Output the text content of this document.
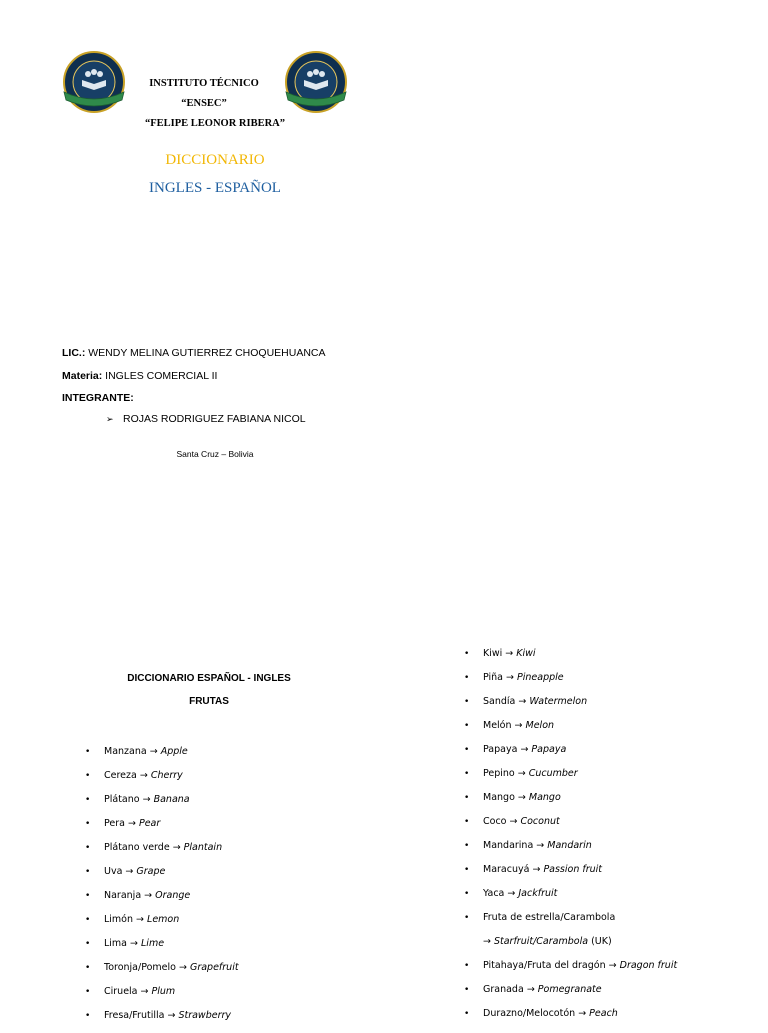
INSTITUTO TÉCNICO
“ENSEC”
“FELIPE LEONOR RIBERA”
DICCIONARIO
INGLES - ESPAÑOL
LIC.: WENDY MELINA GUTIERREZ CHOQUEHUANCA
Materia: INGLES COMERCIAL II
INTEGRANTE:
➢ ROJAS RODRIGUEZ FABIANA NICOL
Santa Cruz – Bolivia
DICCIONARIO ESPAÑOL - INGLES
FRUTAS
• Manzana → Apple
• Cereza → Cherry
• Plátano → Banana
• Pera → Pear
• Plátano verde → Plantain
• Uva → Grape
• Naranja → Orange
• Limón → Lemon
• Lima → Lime
• Toronja/Pomelo → Grapefruit
• Ciruela → Plum
• Fresa/Frutilla → Strawberry
• Kiwi → Kiwi
• Piña → Pineapple
• Sandía → Watermelon
• Melón → Melon
• Papaya → Papaya
• Pepino → Cucumber
• Mango → Mango
• Coco → Coconut
• Mandarina → Mandarin
• Maracuyá → Passion fruit
• Yaca → Jackfruit
• Fruta de estrella/Carambola
→ Starfruit/Carambola (UK)
• Pitahaya/Fruta del dragón → Dragon fruit
• Granada → Pomegranate
• Durazno/Melocotón → Peach
